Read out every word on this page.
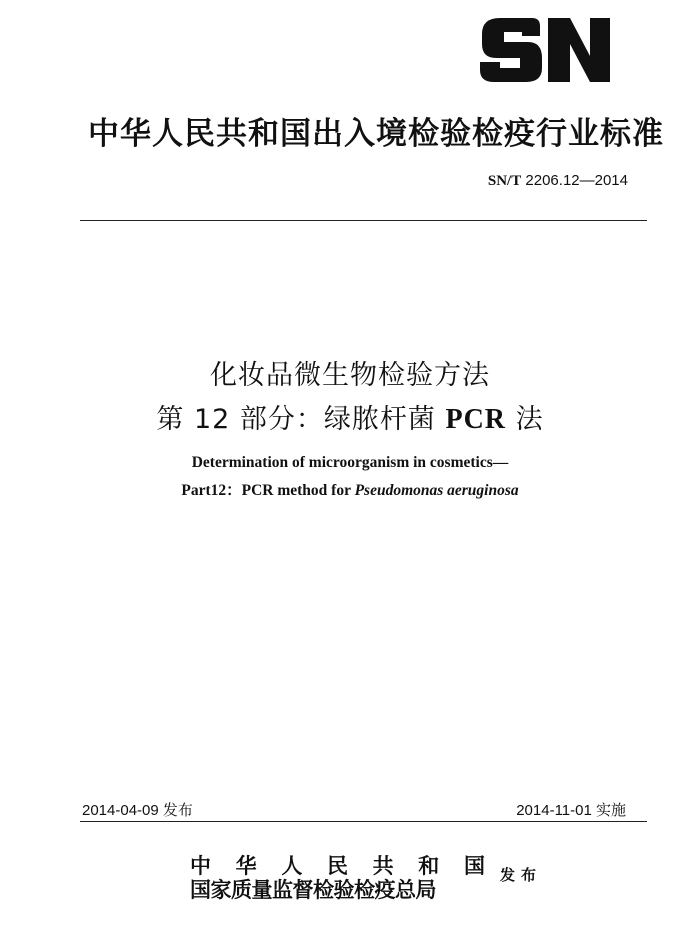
中华人民共和国出入境检验检疫行业标准
SN/T 2206.12—2014
化妆品微生物检验方法
第 12 部分：绿脓杆菌 PCR 法
Determination of microorganism in cosmetics—
Part12：PCR method for Pseudomonas aeruginosa
2014-04-09 发布	2014-11-01 实施
中 华 人 民 共 和 国
国家质量监督检验检疫总局
发布
